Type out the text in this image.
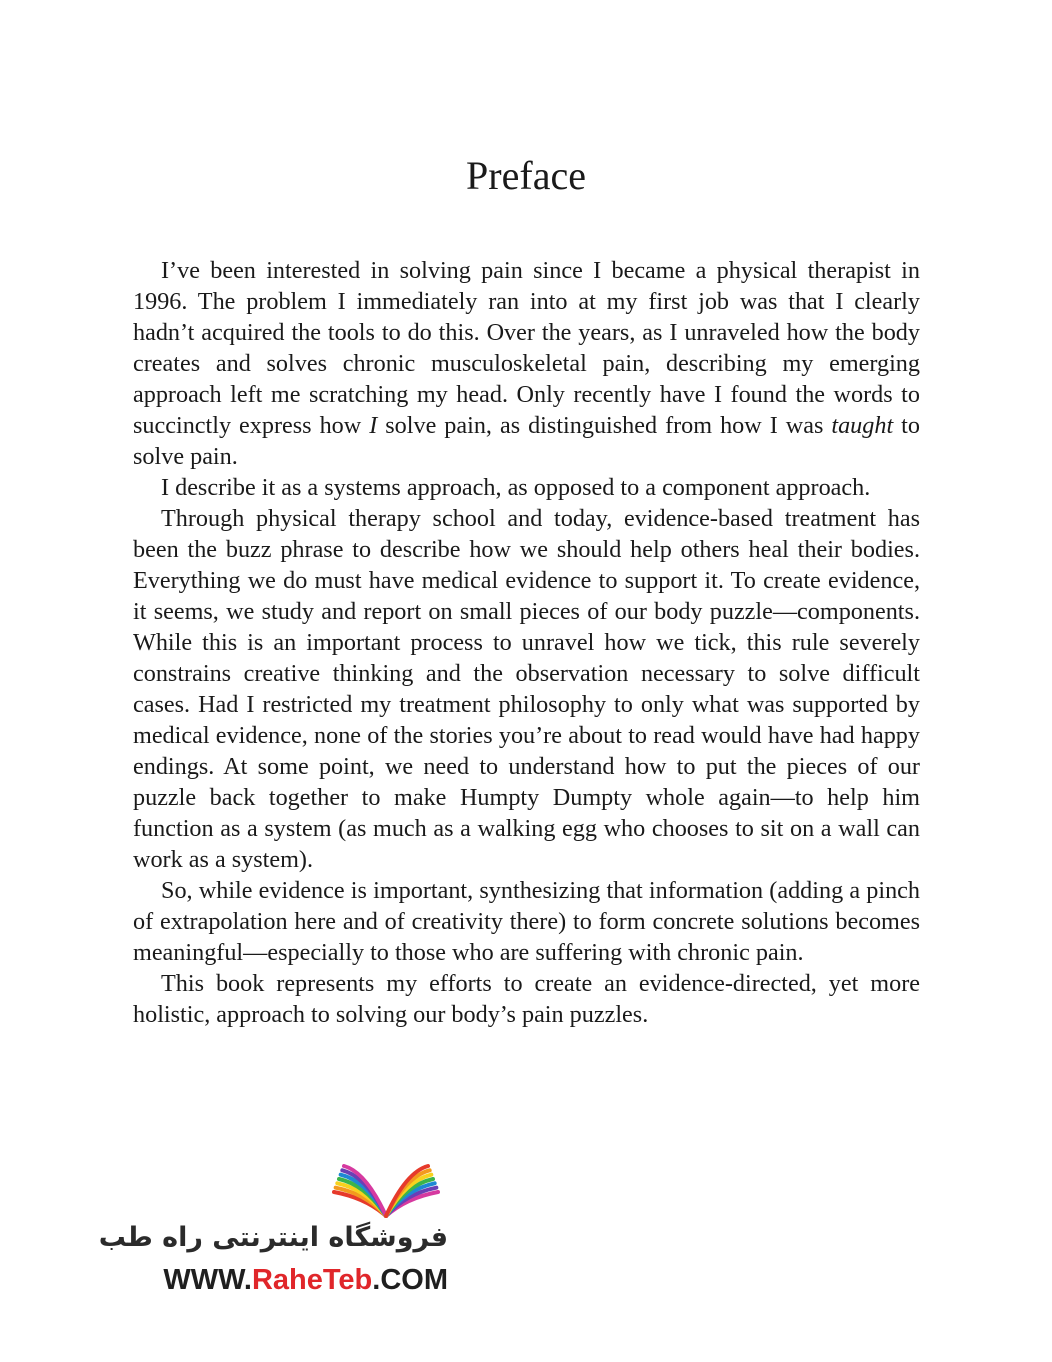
Preface

I’ve been interested in solving pain since I became a physical therapist in 1996. The problem I immediately ran into at my first job was that I clearly hadn’t acquired the tools to do this. Over the years, as I unraveled how the body creates and solves chronic musculoskeletal pain, describing my emerging approach left me scratching my head. Only recently have I found the words to succinctly express how I solve pain, as distinguished from how I was taught to solve pain.

I describe it as a systems approach, as opposed to a component approach.

Through physical therapy school and today, evidence-based treatment has been the buzz phrase to describe how we should help others heal their bodies. Everything we do must have medical evidence to support it. To create evidence, it seems, we study and report on small pieces of our body puzzle—components. While this is an important process to unravel how we tick, this rule severely constrains creative thinking and the observation necessary to solve difficult cases. Had I restricted my treatment philosophy to only what was supported by medical evidence, none of the stories you’re about to read would have had happy endings. At some point, we need to understand how to put the pieces of our puzzle back together to make Humpty Dumpty whole again—to help him function as a system (as much as a walking egg who chooses to sit on a wall can work as a system).

So, while evidence is important, synthesizing that information (adding a pinch of extrapolation here and of creativity there) to form concrete solutions becomes meaningful—especially to those who are suffering with chronic pain.

This book represents my efforts to create an evidence-directed, yet more holistic, approach to solving our body’s pain puzzles.

فروشگاه اینترنتی راه طب
WWW.RaheTeb.COM
